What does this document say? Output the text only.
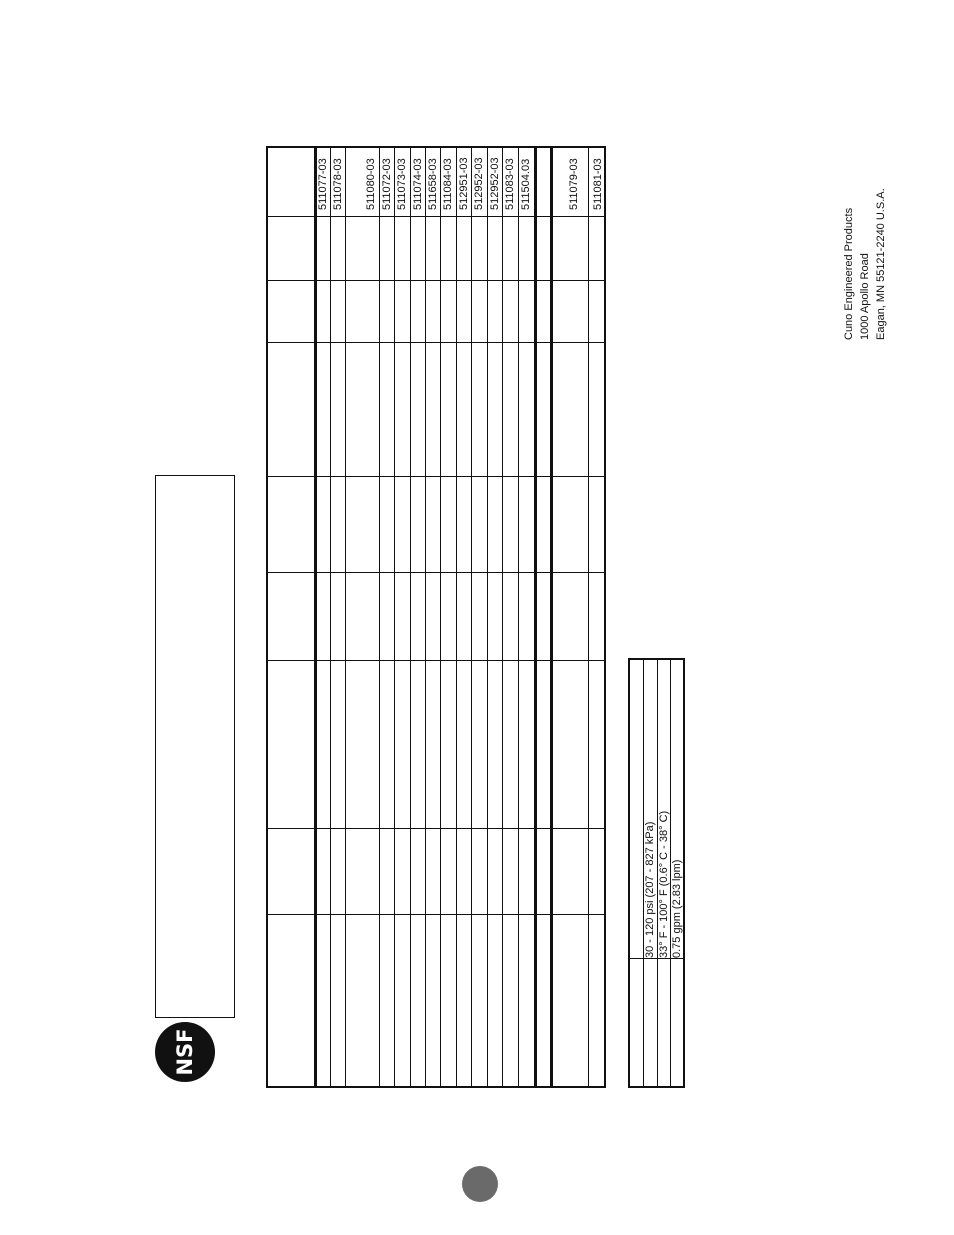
NSF
511077-03 511078-03 511080-03 511072-03 511073-03 511074-03 511658-03 511084-03 512951-03 512952-03 512952-03 511083-03 511504.03	511079-03 511081-03
30 - 120 psi (207 - 827 kPa) 33° F - 100° F (0.6° C - 38° C) 0.75 gpm (2.83 lpm)
Cuno Engineered Products 1000 Apollo Road Eagan, MN 55121-2240 U.S.A.
